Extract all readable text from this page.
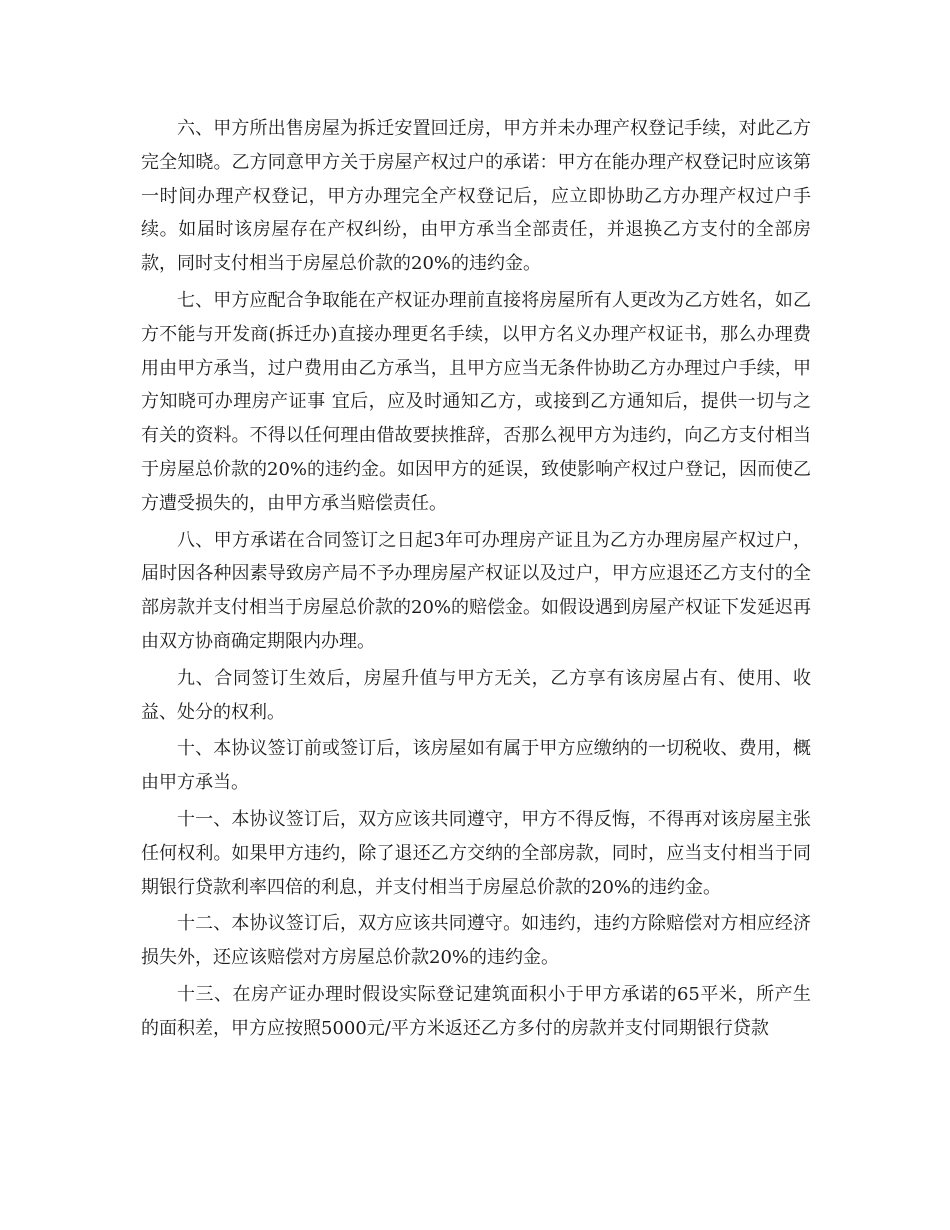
六、甲方所出售房屋为拆迁安置回迁房，甲方并未办理产权登记手续，对此乙方完全知晓。乙方同意甲方关于房屋产权过户的承诺：甲方在能办理产权登记时应该第一时间办理产权登记，甲方办理完全产权登记后，应立即协助乙方办理产权过户手续。如届时该房屋存在产权纠纷，由甲方承当全部责任，并退换乙方支付的全部房款，同时支付相当于房屋总价款的20%的违约金。

七、甲方应配合争取能在产权证办理前直接将房屋所有人更改为乙方姓名，如乙方不能与开发商(拆迁办)直接办理更名手续，以甲方名义办理产权证书，那么办理费用由甲方承当，过户费用由乙方承当，且甲方应当无条件协助乙方办理过户手续，甲方知晓可办理房产证事 宜后，应及时通知乙方，或接到乙方通知后，提供一切与之有关的资料。不得以任何理由借故要挟推辞，否那么视甲方为违约，向乙方支付相当于房屋总价款的20%的违约金。如因甲方的延误，致使影响产权过户登记，因而使乙方遭受损失的，由甲方承当赔偿责任。

八、甲方承诺在合同签订之日起3年可办理房产证且为乙方办理房屋产权过户，届时因各种因素导致房产局不予办理房屋产权证以及过户，甲方应退还乙方支付的全部房款并支付相当于房屋总价款的20%的赔偿金。如假设遇到房屋产权证下发延迟再由双方协商确定期限内办理。

九、合同签订生效后，房屋升值与甲方无关，乙方享有该房屋占有、使用、收益、处分的权利。

十、本协议签订前或签订后，该房屋如有属于甲方应缴纳的一切税收、费用，概由甲方承当。

十一、本协议签订后，双方应该共同遵守，甲方不得反悔，不得再对该房屋主张任何权利。如果甲方违约，除了退还乙方交纳的全部房款，同时，应当支付相当于同期银行贷款利率四倍的利息，并支付相当于房屋总价款的20%的违约金。

十二、本协议签订后，双方应该共同遵守。如违约，违约方除赔偿对方相应经济损失外，还应该赔偿对方房屋总价款20%的违约金。

十三、在房产证办理时假设实际登记建筑面积小于甲方承诺的65平米，所产生的面积差，甲方应按照5000元/平方米返还乙方多付的房款并支付同期银行贷款
